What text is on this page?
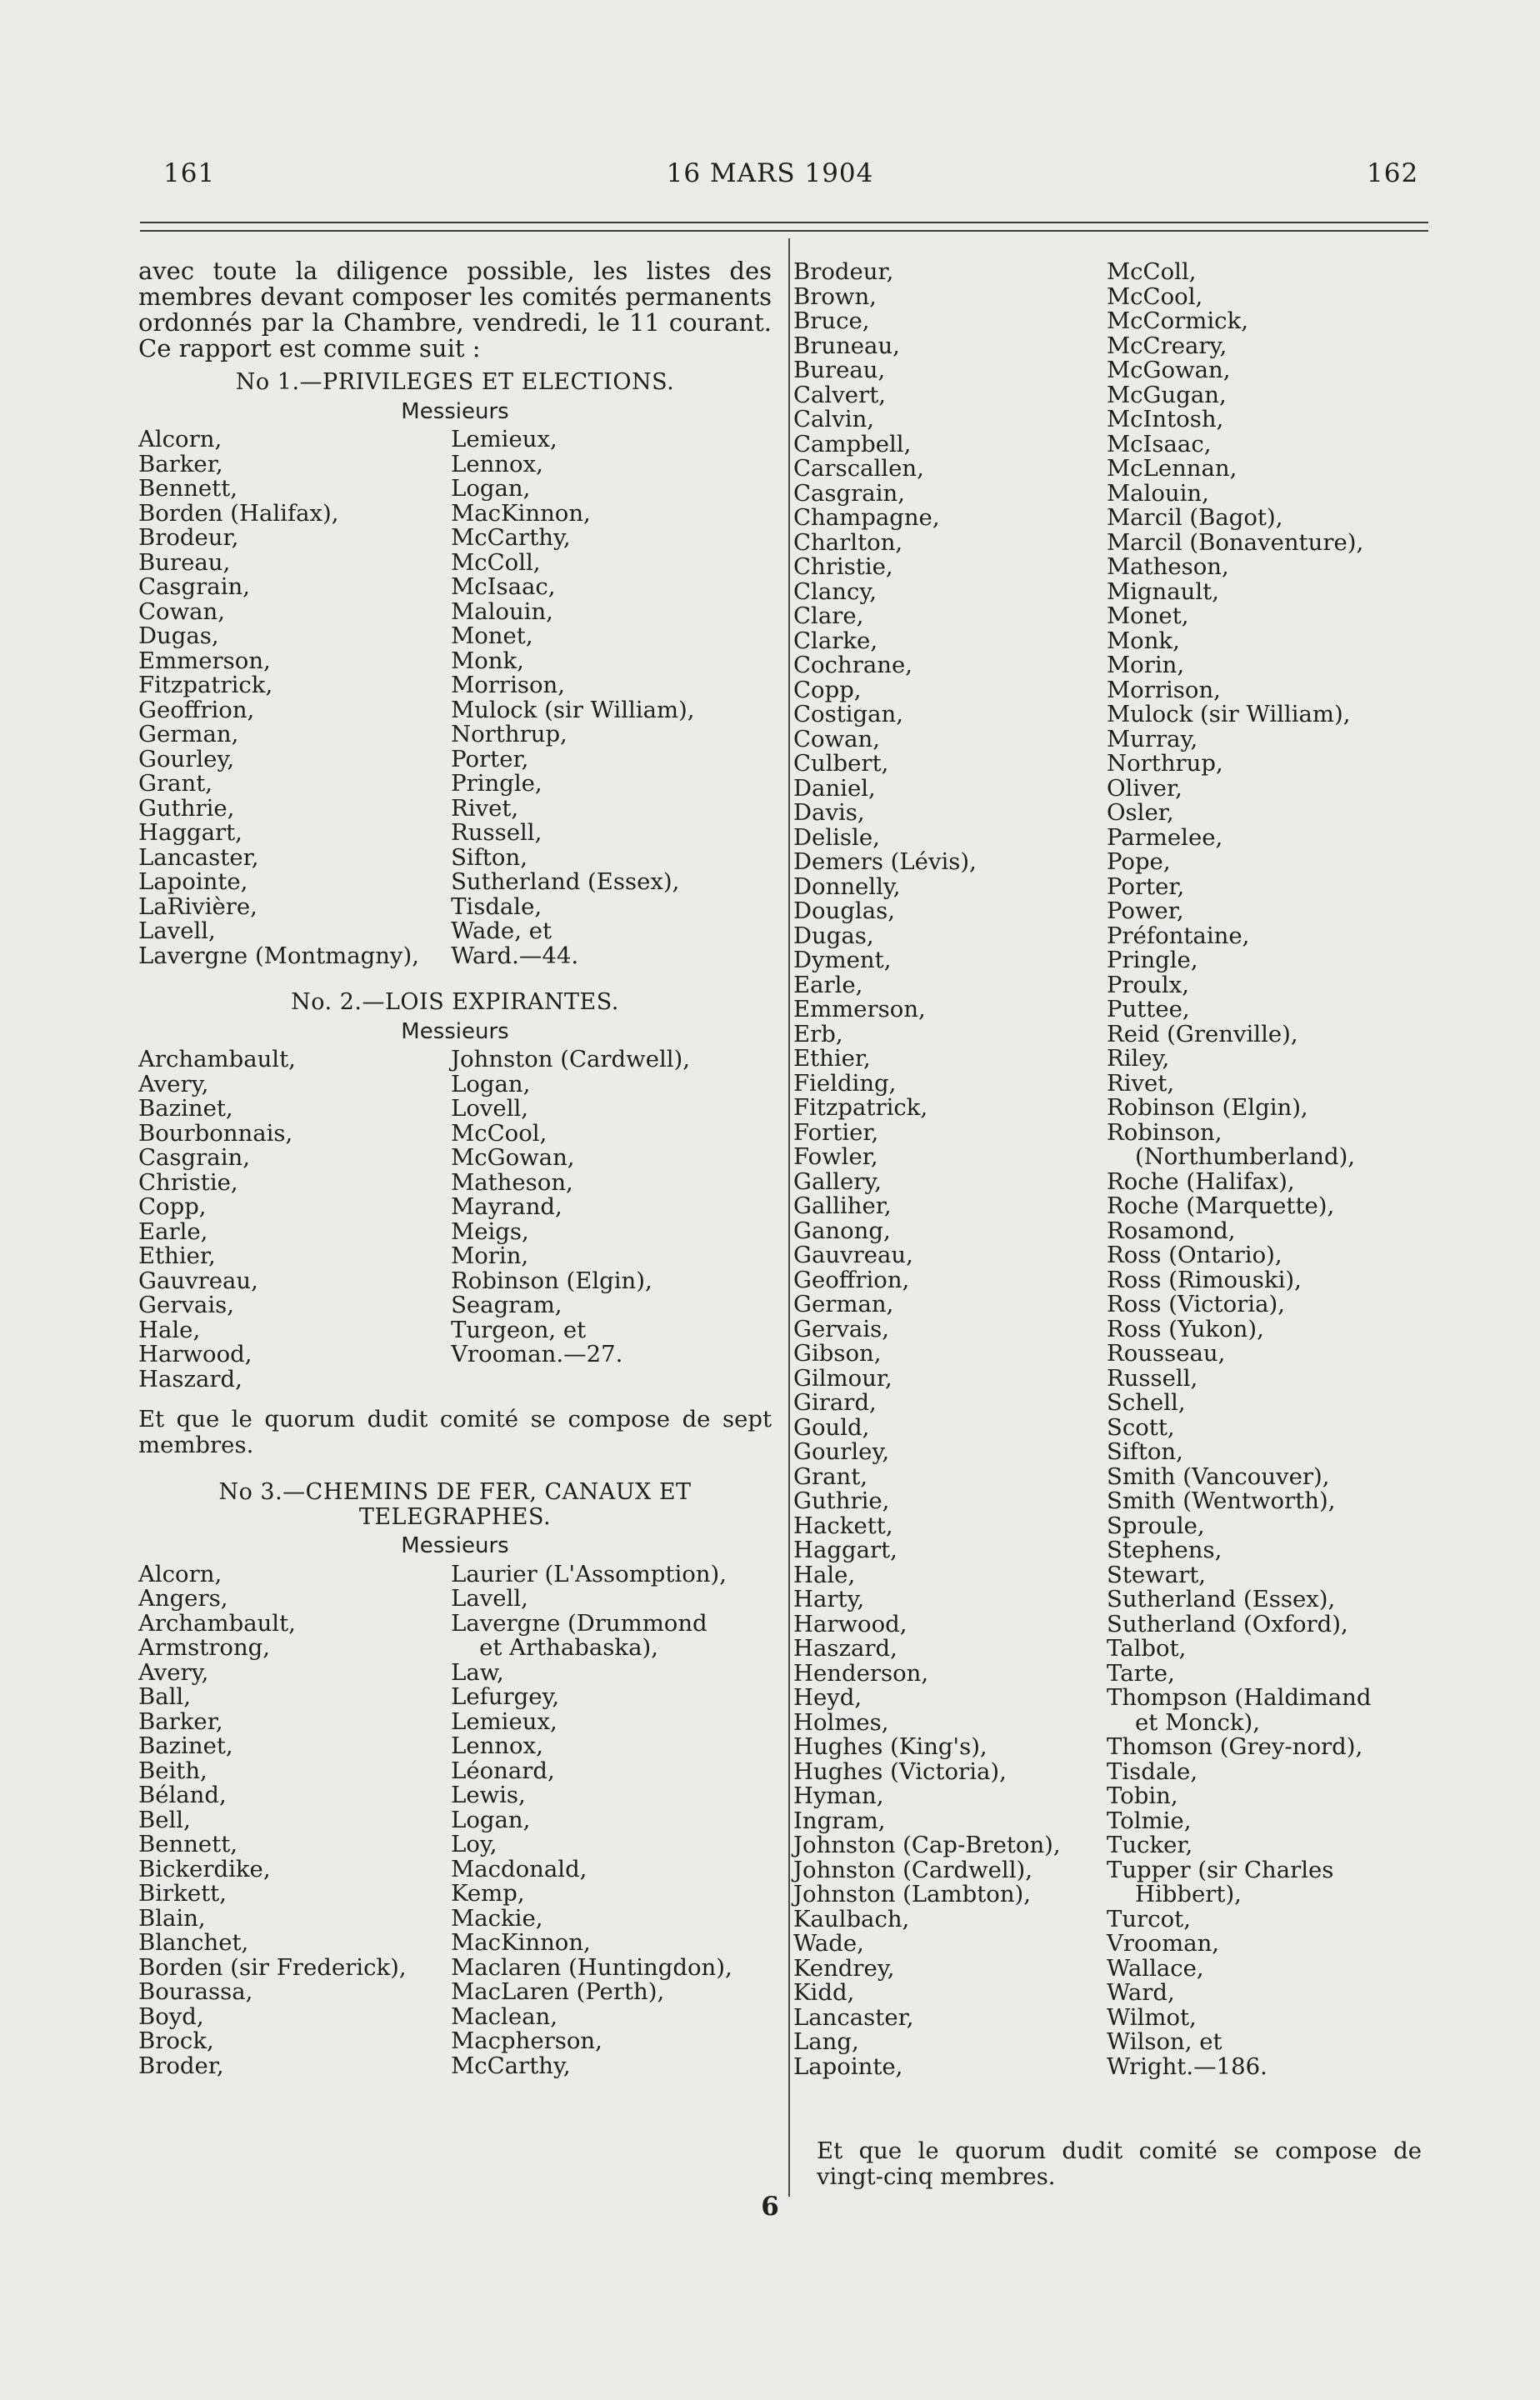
161	16 MARS 1904	162
avec toute la diligence possible, les listes des membres devant composer les comités permanents ordonnés par la Chambre, vendredi, le 11 courant. Ce rapport est comme suit :
No 1.—PRIVILEGES ET ELECTIONS.
Messieurs
Alcorn,
Barker,
Bennett,
Borden (Halifax),
Brodeur,
Bureau,
Casgrain,
Cowan,
Dugas,
Emmerson,
Fitzpatrick,
Geoffrion,
German,
Gourley,
Grant,
Guthrie,
Haggart,
Lancaster,
Lapointe,
LaRivière,
Lavell,
Lavergne (Montmagny),
Lemieux,
Lennox,
Logan,
MacKinnon,
McCarthy,
McColl,
McIsaac,
Malouin,
Monet,
Monk,
Morrison,
Mulock (sir William),
Northrup,
Porter,
Pringle,
Rivet,
Russell,
Sifton,
Sutherland (Essex),
Tisdale,
Wade, et
Ward.—44.
No. 2.—LOIS EXPIRANTES.
Messieurs
Archambault,
Avery,
Bazinet,
Bourbonnais,
Casgrain,
Christie,
Copp,
Earle,
Ethier,
Gauvreau,
Gervais,
Hale,
Harwood,
Haszard,
Johnston (Cardwell),
Logan,
Lovell,
McCool,
McGowan,
Matheson,
Mayrand,
Meigs,
Morin,
Robinson (Elgin),
Seagram,
Turgeon, et
Vrooman.—27.
Et que le quorum dudit comité se compose de sept membres.
No 3.—CHEMINS DE FER, CANAUX ET
TELEGRAPHES.
Messieurs
Alcorn,
Angers,
Archambault,
Armstrong,
Avery,
Ball,
Barker,
Bazinet,
Beith,
Béland,
Bell,
Bennett,
Bickerdike,
Birkett,
Blain,
Blanchet,
Borden (sir Frederick),
Bourassa,
Boyd,
Brock,
Broder,
Laurier (L'Assomption),
Lavell,
Lavergne (Drummond
et Arthabaska),
Law,
Lefurgey,
Lemieux,
Lennox,
Léonard,
Lewis,
Logan,
Loy,
Macdonald,
Kemp,
Mackie,
MacKinnon,
Maclaren (Huntingdon),
MacLaren (Perth),
Maclean,
Macpherson,
McCarthy,
Brodeur,
Brown,
Bruce,
Bruneau,
Bureau,
Calvert,
Calvin,
Campbell,
Carscallen,
Casgrain,
Champagne,
Charlton,
Christie,
Clancy,
Clare,
Clarke,
Cochrane,
Copp,
Costigan,
Cowan,
Culbert,
Daniel,
Davis,
Delisle,
Demers (Lévis),
Donnelly,
Douglas,
Dugas,
Dyment,
Earle,
Emmerson,
Erb,
Ethier,
Fielding,
Fitzpatrick,
Fortier,
Fowler,
Gallery,
Galliher,
Ganong,
Gauvreau,
Geoffrion,
German,
Gervais,
Gibson,
Gilmour,
Girard,
Gould,
Gourley,
Grant,
Guthrie,
Hackett,
Haggart,
Hale,
Harty,
Harwood,
Haszard,
Henderson,
Heyd,
Holmes,
Hughes (King's),
Hughes (Victoria),
Hyman,
Ingram,
Johnston (Cap-Breton),
Johnston (Cardwell),
Johnston (Lambton),
Kaulbach,
Wade,
Kendrey,
Kidd,
Lancaster,
Lang,
Lapointe,
McColl,
McCool,
McCormick,
McCreary,
McGowan,
McGugan,
McIntosh,
McIsaac,
McLennan,
Malouin,
Marcil (Bagot),
Marcil (Bonaventure),
Matheson,
Mignault,
Monet,
Monk,
Morin,
Morrison,
Mulock (sir William),
Murray,
Northrup,
Oliver,
Osler,
Parmelee,
Pope,
Porter,
Power,
Préfontaine,
Pringle,
Proulx,
Puttee,
Reid (Grenville),
Riley,
Rivet,
Robinson (Elgin),
Robinson,
(Northumberland),
Roche (Halifax),
Roche (Marquette),
Rosamond,
Ross (Ontario),
Ross (Rimouski),
Ross (Victoria),
Ross (Yukon),
Rousseau,
Russell,
Schell,
Scott,
Sifton,
Smith (Vancouver),
Smith (Wentworth),
Sproule,
Stephens,
Stewart,
Sutherland (Essex),
Sutherland (Oxford),
Talbot,
Tarte,
Thompson (Haldimand
et Monck),
Thomson (Grey-nord),
Tisdale,
Tobin,
Tolmie,
Tucker,
Tupper (sir Charles
Hibbert),
Turcot,
Vrooman,
Wallace,
Ward,
Wilmot,
Wilson, et
Wright.—186.
Et que le quorum dudit comité se compose de vingt-cinq membres.
6
